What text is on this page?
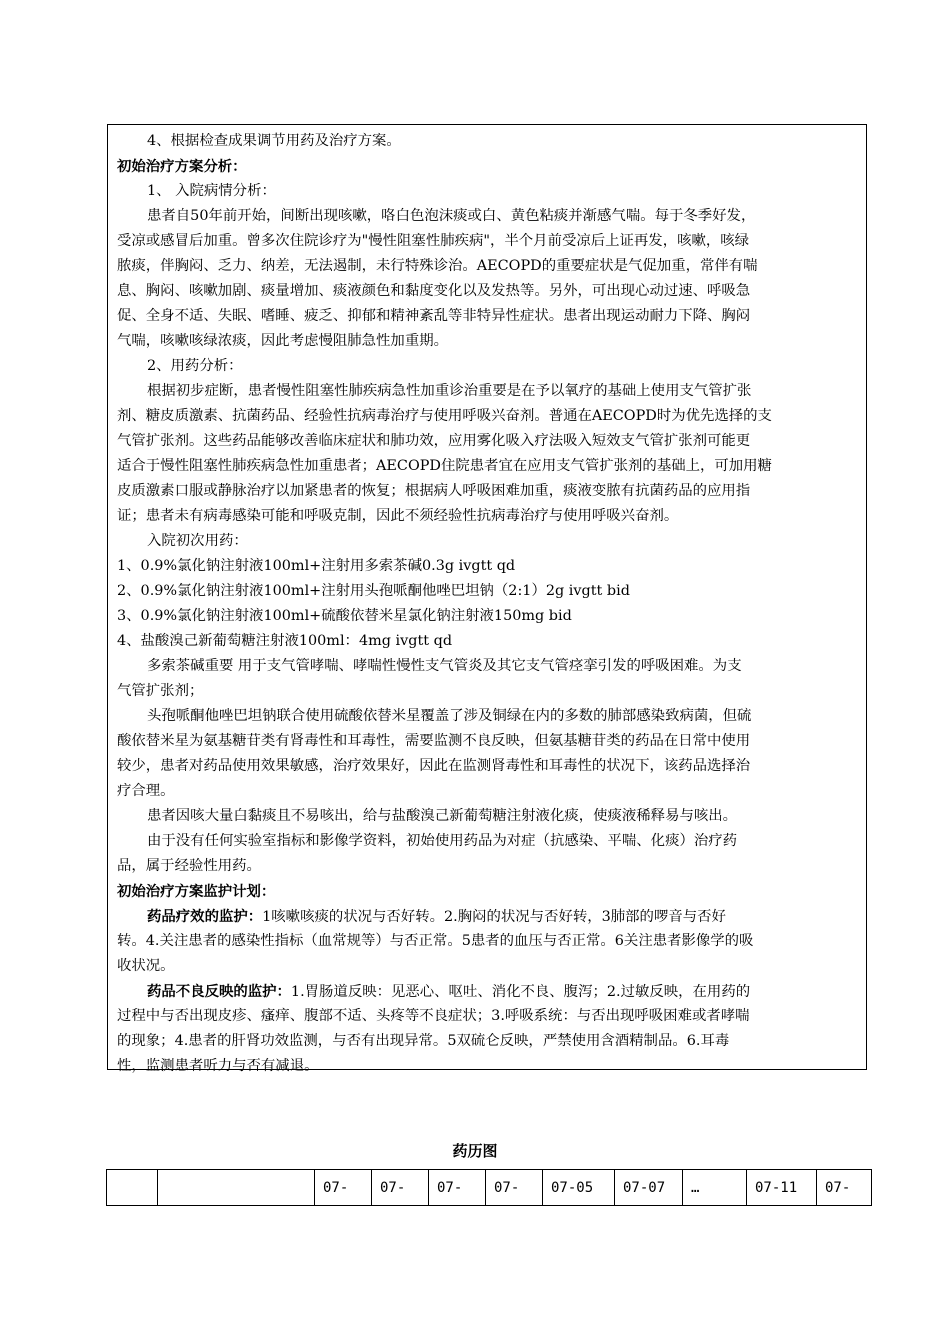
4、根据检查成果调节用药及治疗方案。
初始治疗方案分析：
1、 入院病情分析：
患者自50年前开始，间断出现咳嗽，咯白色泡沫痰或白、黄色粘痰并渐感气喘。每于冬季好发，
受凉或感冒后加重。曾多次住院诊疗为"慢性阻塞性肺疾病"，半个月前受凉后上证再发，咳嗽，咳绿
脓痰，伴胸闷、乏力、纳差，无法遏制，未行特殊诊治。AECOPD的重要症状是气促加重，常伴有喘
息、胸闷、咳嗽加剧、痰量增加、痰液颜色和黏度变化以及发热等。另外，可出现心动过速、呼吸急
促、全身不适、失眠、嗜睡、疲乏、抑郁和精神紊乱等非特异性症状。患者出现运动耐力下降、胸闷
气喘，咳嗽咳绿浓痰，因此考虑慢阻肺急性加重期。
2、用药分析：
根据初步症断，患者慢性阻塞性肺疾病急性加重诊治重要是在予以氧疗的基础上使用支气管扩张
剂、糖皮质激素、抗菌药品、经验性抗病毒治疗与使用呼吸兴奋剂。普通在AECOPD时为优先选择的支
气管扩张剂。这些药品能够改善临床症状和肺功效，应用雾化吸入疗法吸入短效支气管扩张剂可能更
适合于慢性阻塞性肺疾病急性加重患者；AECOPD住院患者宜在应用支气管扩张剂的基础上，可加用糖
皮质激素口服或静脉治疗以加紧患者的恢复；根据病人呼吸困难加重，痰液变脓有抗菌药品的应用指
证；患者未有病毒感染可能和呼吸克制，因此不须经验性抗病毒治疗与使用呼吸兴奋剂。
入院初次用药：
1、0.9%氯化钠注射液100ml+注射用多索茶碱0.3g ivgtt qd
2、0.9%氯化钠注射液100ml+注射用头孢哌酮他唑巴坦钠（2:1）2g ivgtt bid
3、0.9%氯化钠注射液100ml+硫酸依替米星氯化钠注射液150mg bid
4、盐酸溴己新葡萄糖注射液100ml：4mg ivgtt qd
多索茶碱重要 用于支气管哮喘、哮喘性慢性支气管炎及其它支气管痉挛引发的呼吸困难。为支
气管扩张剂；
头孢哌酮他唑巴坦钠联合使用硫酸依替米星覆盖了涉及铜绿在内的多数的肺部感染致病菌，但硫
酸依替米星为氨基糖苷类有肾毒性和耳毒性，需要监测不良反映，但氨基糖苷类的药品在日常中使用
较少，患者对药品使用效果敏感，治疗效果好，因此在监测肾毒性和耳毒性的状况下，该药品选择治
疗合理。
患者因咳大量白黏痰且不易咳出，给与盐酸溴己新葡萄糖注射液化痰，使痰液稀释易与咳出。
由于没有任何实验室指标和影像学资料，初始使用药品为对症（抗感染、平喘、化痰）治疗药
品，属于经验性用药。
初始治疗方案监护计划：
药品疗效的监护：1咳嗽咳痰的状况与否好转。2.胸闷的状况与否好转，3肺部的啰音与否好
转。4.关注患者的感染性指标（血常规等）与否正常。5患者的血压与否正常。6关注患者影像学的吸
收状况。
药品不良反映的监护：1.胃肠道反映：见恶心、呕吐、消化不良、腹泻；2.过敏反映，在用药的
过程中与否出现皮疹、瘙痒、腹部不适、头疼等不良症状；3.呼吸系统：与否出现呼吸困难或者哮喘
的现象；4.患者的肝肾功效监测，与否有出现异常。5双硫仑反映，严禁使用含酒精制品。6.耳毒
性，监测患者听力与否有减退。
药历图
		07-	07-	07-	07-	07-05	07-07	…	07-11	07-
